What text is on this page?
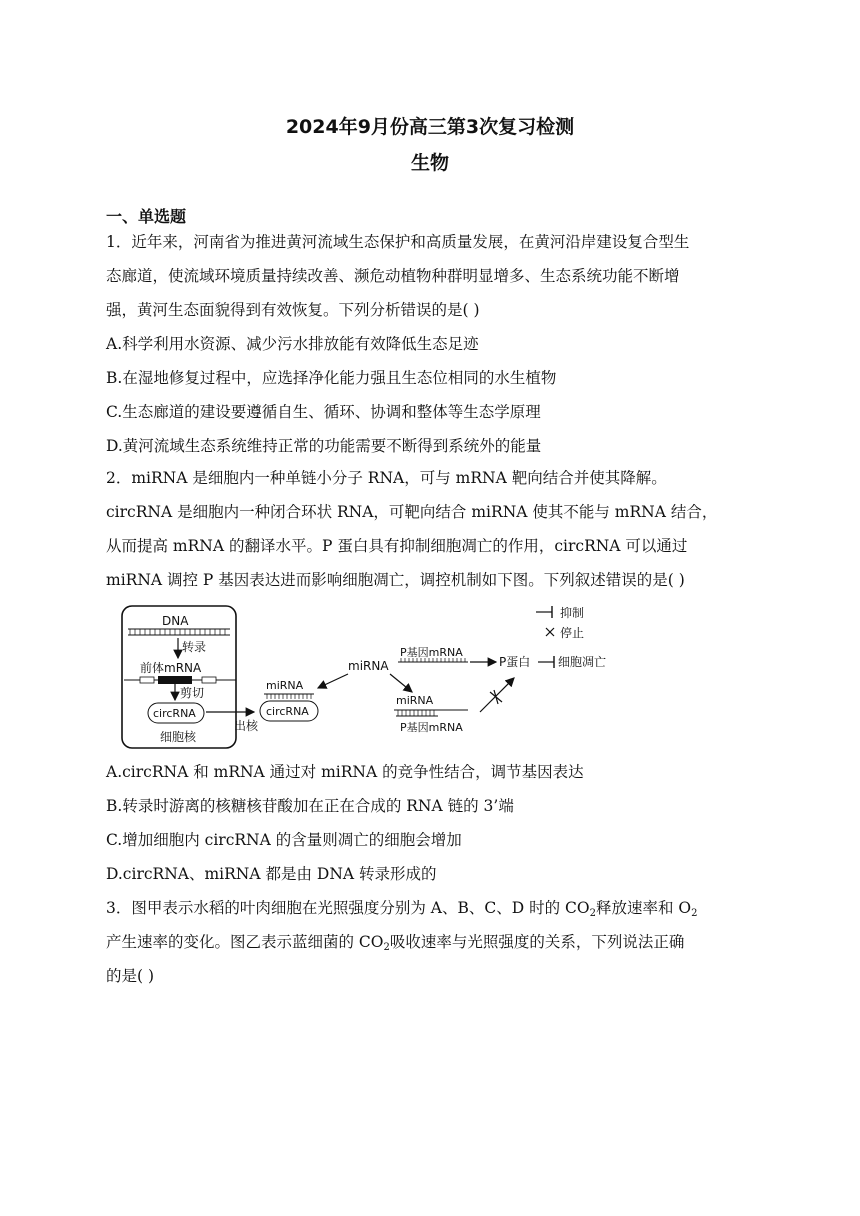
2024年9月份高三第3次复习检测
生物
一、单选题
1．近年来，河南省为推进黄河流域生态保护和高质量发展，在黄河沿岸建设复合型生
态廊道，使流域环境质量持续改善、濒危动植物种群明显增多、生态系统功能不断增
强，黄河生态面貌得到有效恢复。下列分析错误的是( )
A.科学利用水资源、减少污水排放能有效降低生态足迹
B.在湿地修复过程中，应选择净化能力强且生态位相同的水生植物
C.生态廊道的建设要遵循自生、循环、协调和整体等生态学原理
D.黄河流域生态系统维持正常的功能需要不断得到系统外的能量
2．miRNA 是细胞内一种单链小分子 RNA，可与 mRNA 靶向结合并使其降解。
circRNA 是细胞内一种闭合环状 RNA，可靶向结合 miRNA 使其不能与 mRNA 结合，
从而提高 mRNA 的翻译水平。P 蛋白具有抑制细胞凋亡的作用，circRNA 可以通过
miRNA 调控 P 基因表达进而影响细胞凋亡，调控机制如下图。下列叙述错误的是( )
DNA
转录
前体mRNA
剪切
circRNA
细胞核
出核
miRNA
circRNA
miRNA
P基因mRNA
P蛋白 细胞凋亡
miRNA
P基因mRNA
抑制
停止
A.circRNA 和 mRNA 通过对 miRNA 的竞争性结合，调节基因表达
B.转录时游离的核糖核苷酸加在正在合成的 RNA 链的 3’端
C.增加细胞内 circRNA 的含量则凋亡的细胞会增加
D.circRNA、miRNA 都是由 DNA 转录形成的
3．图甲表示水稻的叶肉细胞在光照强度分别为 A、B、C、D 时的 $CO_2$释放速率和 $O_2$
产生速率的变化。图乙表示蓝细菌的 $CO_2$吸收速率与光照强度的关系，下列说法正确
的是( )
